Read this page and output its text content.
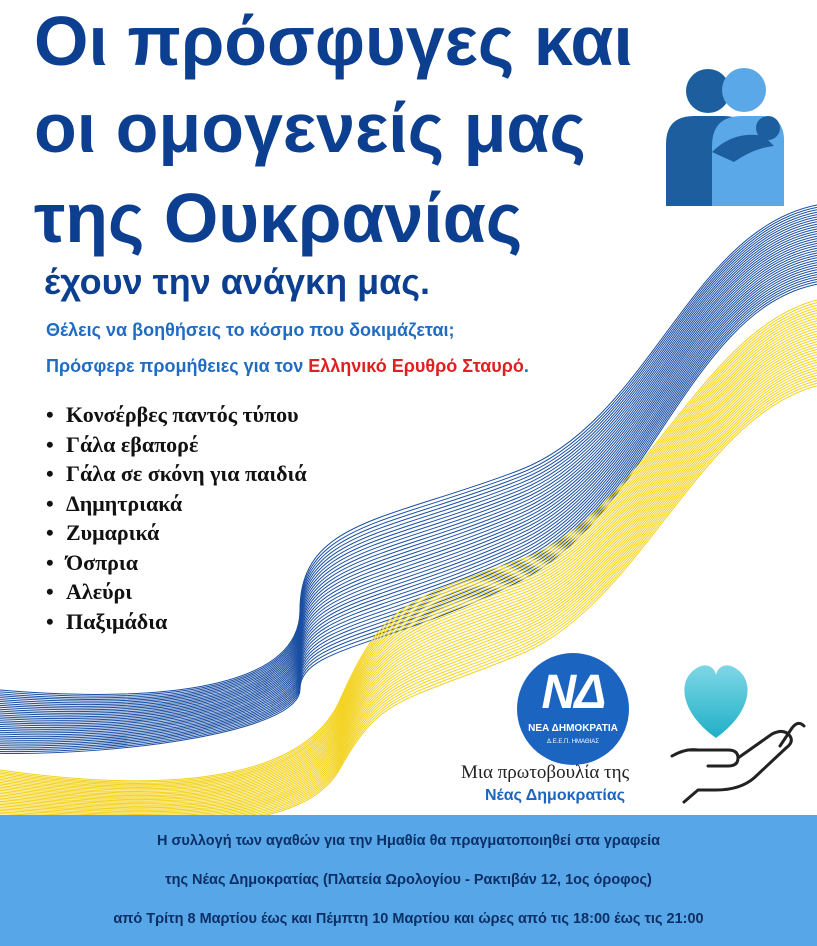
Οι πρόσφυγες και
οι ομογενείς μας
της Ουκρανίας
έχουν την ανάγκη μας.
Θέλεις να βοηθήσεις το κόσμο που δοκιμάζεται;
Πρόσφερε προμήθειες για τον Ελληνικό Ερυθρό Σταυρό.
• Κονσέρβες παντός τύπου
• Γάλα εβαπορέ
• Γάλα σε σκόνη για παιδιά
• Δημητριακά
• Ζυμαρικά
• Όσπρια
• Αλεύρι
• Παξιμάδια
ΝΔ
ΝΕΑ ΔΗΜΟΚΡΑΤΙΑ
Δ.Ε.Ε.Π. ΗΜΑΘΙΑΣ
Μια πρωτοβουλία της
Νέας Δημοκρατίας
Η συλλογή των αγαθών για την Ημαθία θα πραγματοποιηθεί στα γραφεία
της Νέας Δημοκρατίας (Πλατεία Ωρολογίου - Ρακτιβάν 12, 1ος όροφος)
από Τρίτη 8 Μαρτίου έως και Πέμπτη 10 Μαρτίου και ώρες από τις 18:00 έως τις 21:00
